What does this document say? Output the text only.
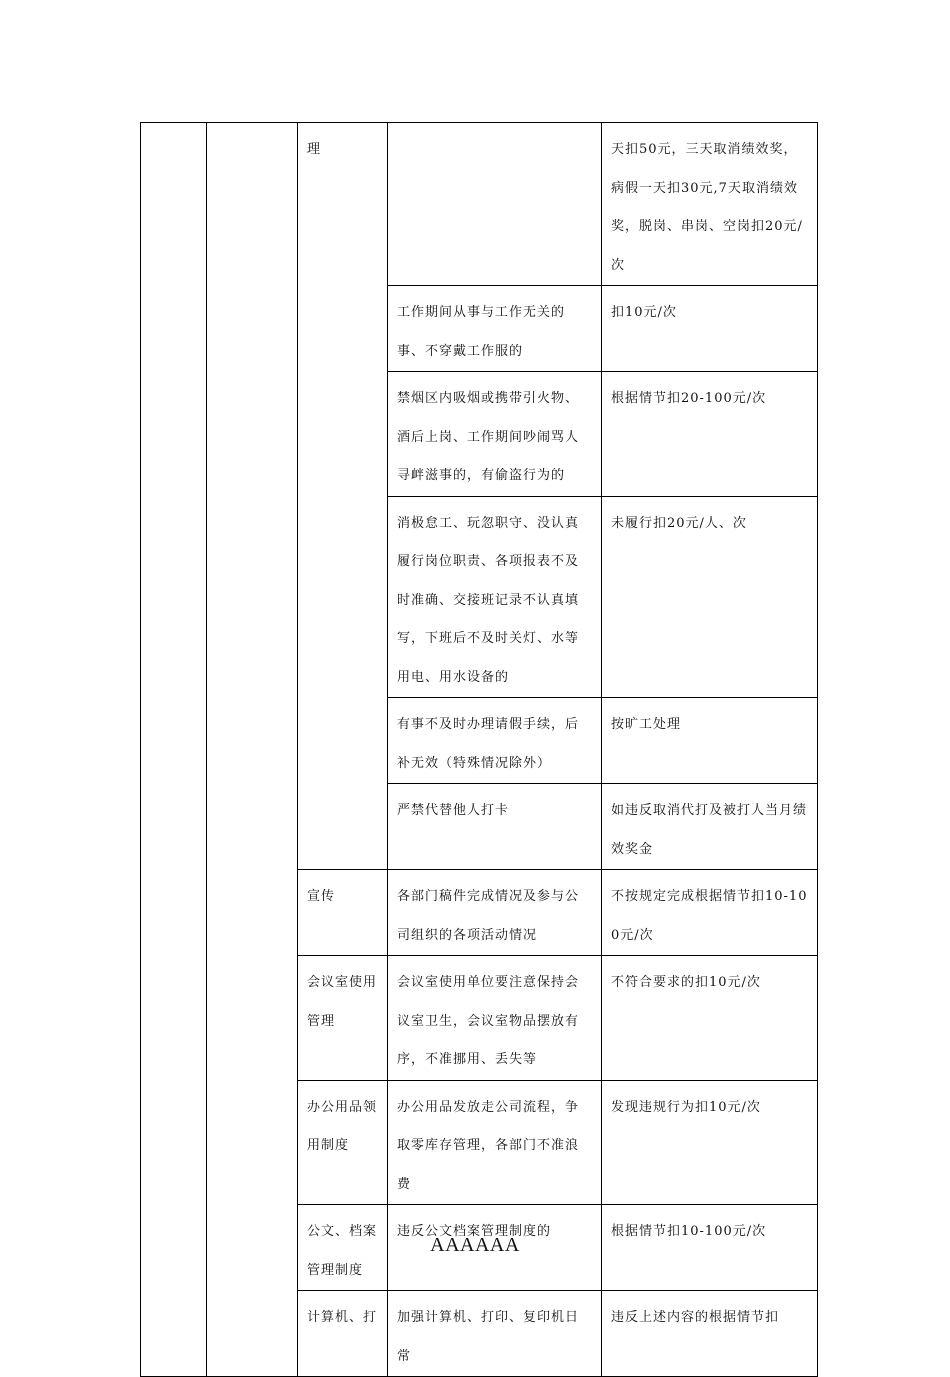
		理		天扣50元，三天取消绩效奖，病假一天扣30元,7天取消绩效奖，脱岗、串岗、空岗扣20元/次
			工作期间从事与工作无关的事、不穿戴工作服的	扣10元/次
			禁烟区内吸烟或携带引火物、酒后上岗、工作期间吵闹骂人寻衅滋事的，有偷盗行为的	根据情节扣20-100元/次
			消极怠工、玩忽职守、没认真履行岗位职责、各项报表不及时准确、交接班记录不认真填写，下班后不及时关灯、水等用电、用水设备的	未履行扣20元/人、次
			有事不及时办理请假手续，后补无效（特殊情况除外）	按旷工处理
			严禁代替他人打卡	如违反取消代打及被打人当月绩效奖金
		宣传	各部门稿件完成情况及参与公司组织的各项活动情况	不按规定完成根据情节扣10-100元/次
		会议室使用管理	会议室使用单位要注意保持会议室卫生，会议室物品摆放有序，不准挪用、丢失等	不符合要求的扣10元/次
		办公用品领用制度	办公用品发放走公司流程，争取零库存管理，各部门不准浪费	发现违规行为扣10元/次
		公文、档案管理制度	违反公文档案管理制度的	根据情节扣10-100元/次
		计算机、打	加强计算机、打印、复印机日常	违反上述内容的根据情节扣
AAAAAA
